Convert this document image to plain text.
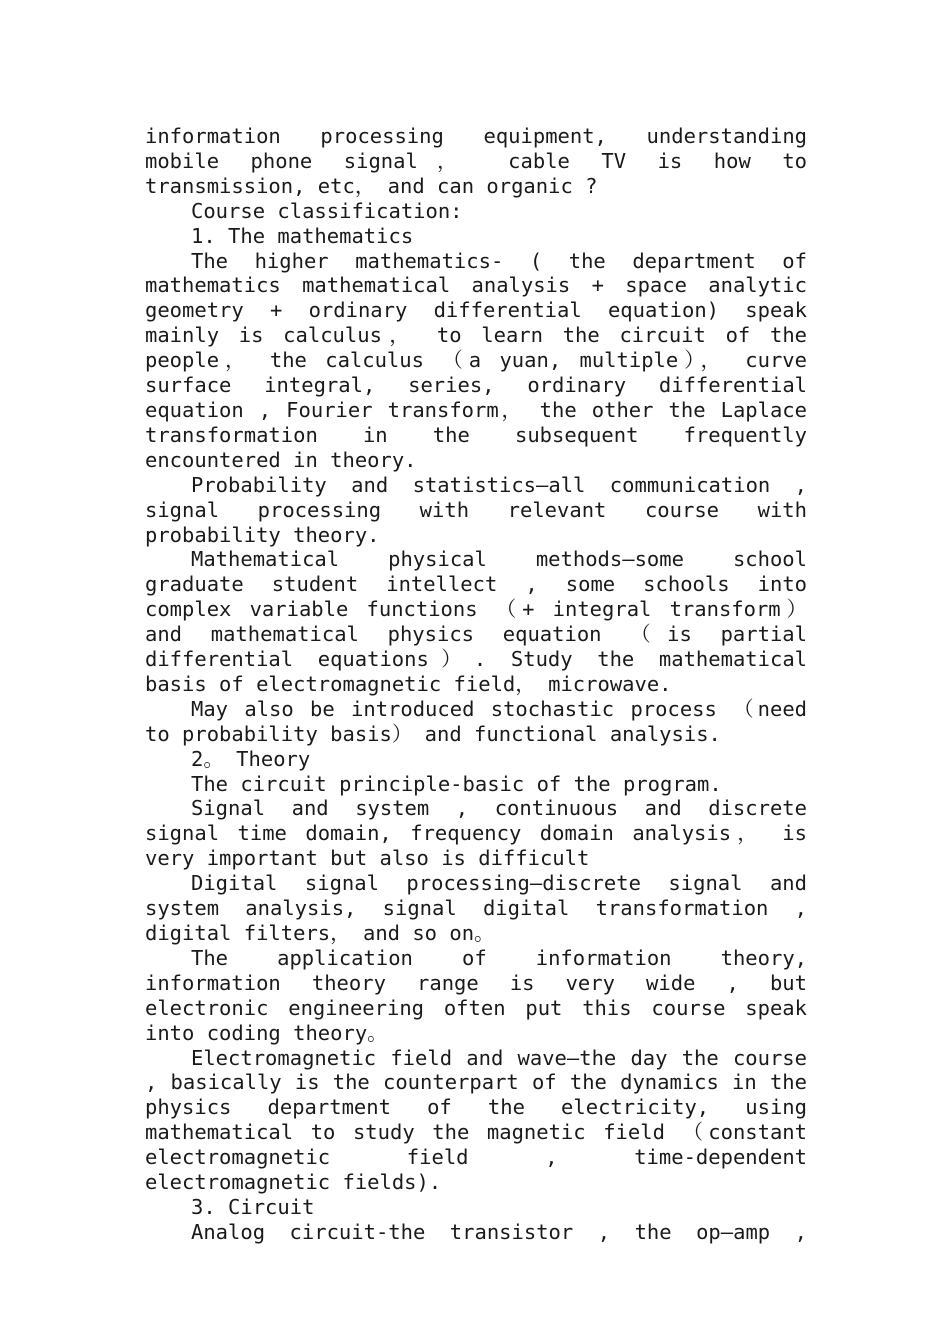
information processing equipment, understanding mobile phone signal， cable TV is how to transmission, etc， and can organic ?

Course classification:

1. The mathematics

The higher mathematics- ( the department of mathematics mathematical analysis + space analytic geometry + ordinary differential equation) speak mainly is calculus， to learn the circuit of the people， the calculus （a yuan, multiple）， curve surface integral, series, ordinary differential equation , Fourier transform， the other the Laplace transformation in the subsequent frequently encountered in theory.

Probability and statistics—all communication , signal processing with relevant course with probability theory.

Mathematical physical methods—some school graduate student intellect , some schools into complex variable functions （+ integral transform） and mathematical physics equation （is partial differential equations）. Study the mathematical basis of electromagnetic field， microwave.

May also be introduced stochastic process （need to probability basis） and functional analysis.

2。 Theory

The circuit principle-basic of the program.

Signal and system , continuous and discrete signal time domain, frequency domain analysis， is very important but also is difficult

Digital signal processing—discrete signal and system analysis, signal digital transformation , digital filters， and so on。

The application of information theory, information theory range is very wide , but electronic engineering often put this course speak into coding theory。

Electromagnetic field and wave—the day the course , basically is the counterpart of the dynamics in the physics department of the electricity, using mathematical to study the magnetic field （constant electromagnetic field , time-dependent electromagnetic fields).

3. Circuit

Analog circuit-the transistor , the op—amp ,
